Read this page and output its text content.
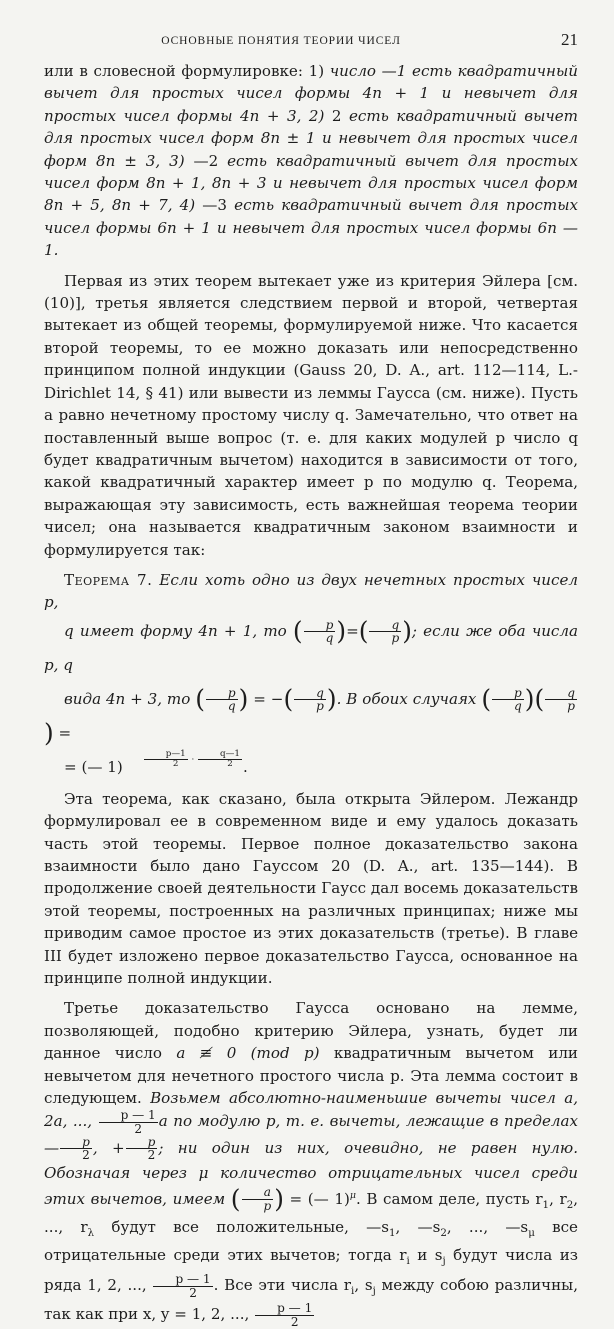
ОСНОВНЫЕ ПОНЯТИЯ ТЕОРИИ ЧИСЕЛ	21

или в словесной формулировке: 1) число —1 есть квадратичный вычет для простых чисел формы 4n + 1 и невычет для простых чисел формы 4n + 3, 2) 2 есть квадратичный вычет для простых чисел форм 8n ± 1 и невычет для простых чисел форм 8n ± 3, 3) —2 есть квадратичный вычет для простых чисел форм 8n + 1, 8n + 3 и невычет для простых чисел форм 8n + 5, 8n + 7, 4) —3 есть квадратичный вычет для простых чисел формы 6n + 1 и невычет для простых чисел формы 6n — 1.

Первая из этих теорем вытекает уже из критерия Эйлера [см. (10)], третья является следствием первой и второй, четвертая вытекает из общей теоремы, формулируемой ниже. Что касается второй теоремы, то ее можно доказать или непосредственно принципом полной индукции (Gauss 20, D. A., art. 112—114, L.-Dirichlet 14, § 41) или вывести из леммы Гаусса (см. ниже). Пусть a равно нечетному простому числу q. Замечательно, что ответ на поставленный выше вопрос (т. е. для каких модулей p число q будет квадратичным вычетом) находится в зависимости от того, какой квадратичный характер имеет p по модулю q. Теорема, выражающая эту зависимость, есть важнейшая теорема теории чисел; она называется квадратичным законом взаимности и формулируется так:

Теорема 7. Если хоть одно из двух нечетных простых чисел p,
q имеет форму 4n + 1, то ( $\frac{p}{q}$ )=( $\frac{q}{p}$ ); если же оба числа p, q
вида 4n + 3, то ( $\frac{p}{q}$ ) = −( $\frac{q}{p}$ ). В обоих случаях ( $\frac{p}{q}$ )( $\frac{q}{p}$
) =
= (— $1) \frac{p—1}{2} \cdot \frac{q—1}{2}$ .

Эта теорема, как сказано, была открыта Эйлером. Лежандр формулировал ее в современном виде и ему удалось доказать часть этой теоремы. Первое полное доказательство закона взаимности было дано Гауссом 20 (D. A., art. 135—144). В продолжение своей деятельности Гаусс дал восемь доказательств этой теоремы, построенных на различных принципах; ниже мы приводим самое простое из этих доказательств (третье). В главе III будет изложено первое доказательство Гаусса, основанное на принципе полной индукции.

Третье доказательство Гаусса основано на лемме, позволяющей, подобно критерию Эйлера, узнать, будет ли данное число a ≢ 0 (mod p) квадратичным вычетом или невычетом для нечетного простого числа p. Эта лемма состоит в следующем. Возьмем абсолютно-наименьшие вычеты чисел a, 2a, ..., $\frac{p — 1}{2}$ a по модулю p, т. е. вычеты, лежащие в пределах — $\frac{p}{2}$ , + $\frac{p}{2}$ ; ни один из них, очевидно, не равен нулю. Обозначая через μ количество отрицательных чисел среди этих вычетов, имеем ( $\frac{a}{p}$ ) = (— 1)$^\mu$. В самом деле, пусть $r_1$, $r_2$, ..., $r_\lambda$ будут все положительные, $—s_1$, $—s_2$, ..., $—s_\mu$ все отрицательные среди этих вычетов; тогда $r_i$ и $s_j$ будут числа из ряда 1, 2, ..., $\frac{p — 1}{2}$ . Все эти числа $r_i$, $s_j$ между собою различны, так как при x, y = 1, 2, ..., $\frac{p — 1}{2}$
